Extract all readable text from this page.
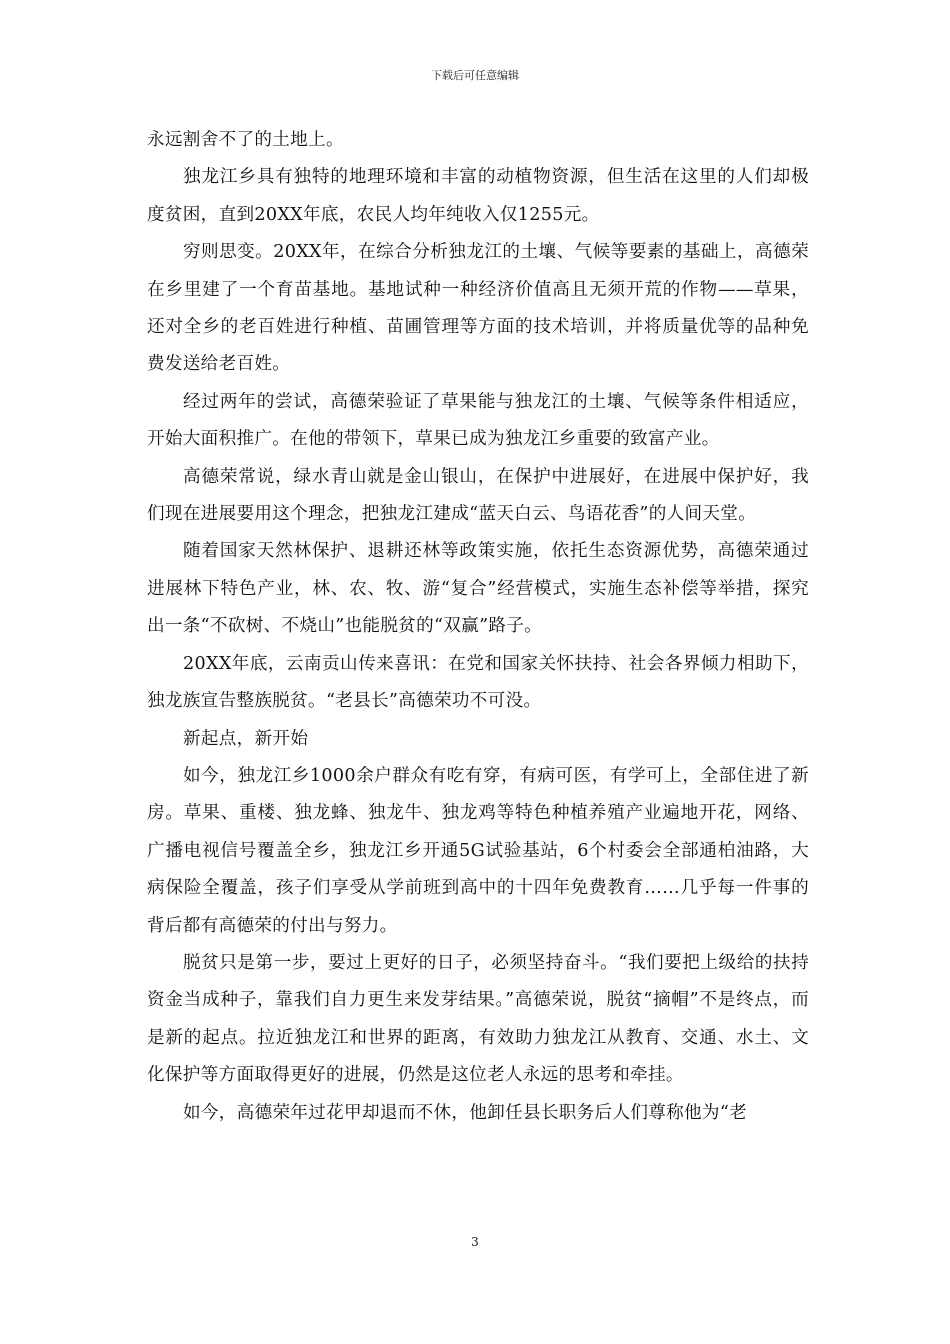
下载后可任意编辑

永远割舍不了的土地上。

独龙江乡具有独特的地理环境和丰富的动植物资源，但生活在这里的人们却极度贫困，直到20XX年底，农民人均年纯收入仅1255元。

穷则思变。20XX年，在综合分析独龙江的土壤、气候等要素的基础上，高德荣在乡里建了一个育苗基地。基地试种一种经济价值高且无须开荒的作物——草果，还对全乡的老百姓进行种植、苗圃管理等方面的技术培训，并将质量优等的品种免费发送给老百姓。

经过两年的尝试，高德荣验证了草果能与独龙江的土壤、气候等条件相适应，开始大面积推广。在他的带领下，草果已成为独龙江乡重要的致富产业。

高德荣常说，绿水青山就是金山银山，在保护中进展好，在进展中保护好，我们现在进展要用这个理念，把独龙江建成“蓝天白云、鸟语花香”的人间天堂。

随着国家天然林保护、退耕还林等政策实施，依托生态资源优势，高德荣通过进展林下特色产业，林、农、牧、游“复合”经营模式，实施生态补偿等举措，探究出一条“不砍树、不烧山”也能脱贫的“双赢”路子。

20XX年底，云南贡山传来喜讯：在党和国家关怀扶持、社会各界倾力相助下，独龙族宣告整族脱贫。“老县长”高德荣功不可没。

新起点，新开始

如今，独龙江乡1000余户群众有吃有穿，有病可医，有学可上，全部住进了新房。草果、重楼、独龙蜂、独龙牛、独龙鸡等特色种植养殖产业遍地开花，网络、广播电视信号覆盖全乡，独龙江乡开通5G试验基站，6个村委会全部通柏油路，大病保险全覆盖，孩子们享受从学前班到高中的十四年免费教育……几乎每一件事的背后都有高德荣的付出与努力。

脱贫只是第一步，要过上更好的日子，必须坚持奋斗。“我们要把上级给的扶持资金当成种子，靠我们自力更生来发芽结果。”高德荣说，脱贫“摘帽”不是终点，而是新的起点。拉近独龙江和世界的距离，有效助力独龙江从教育、交通、水土、文化保护等方面取得更好的进展，仍然是这位老人永远的思考和牵挂。

如今，高德荣年过花甲却退而不休，他卸任县长职务后人们尊称他为“老

3
